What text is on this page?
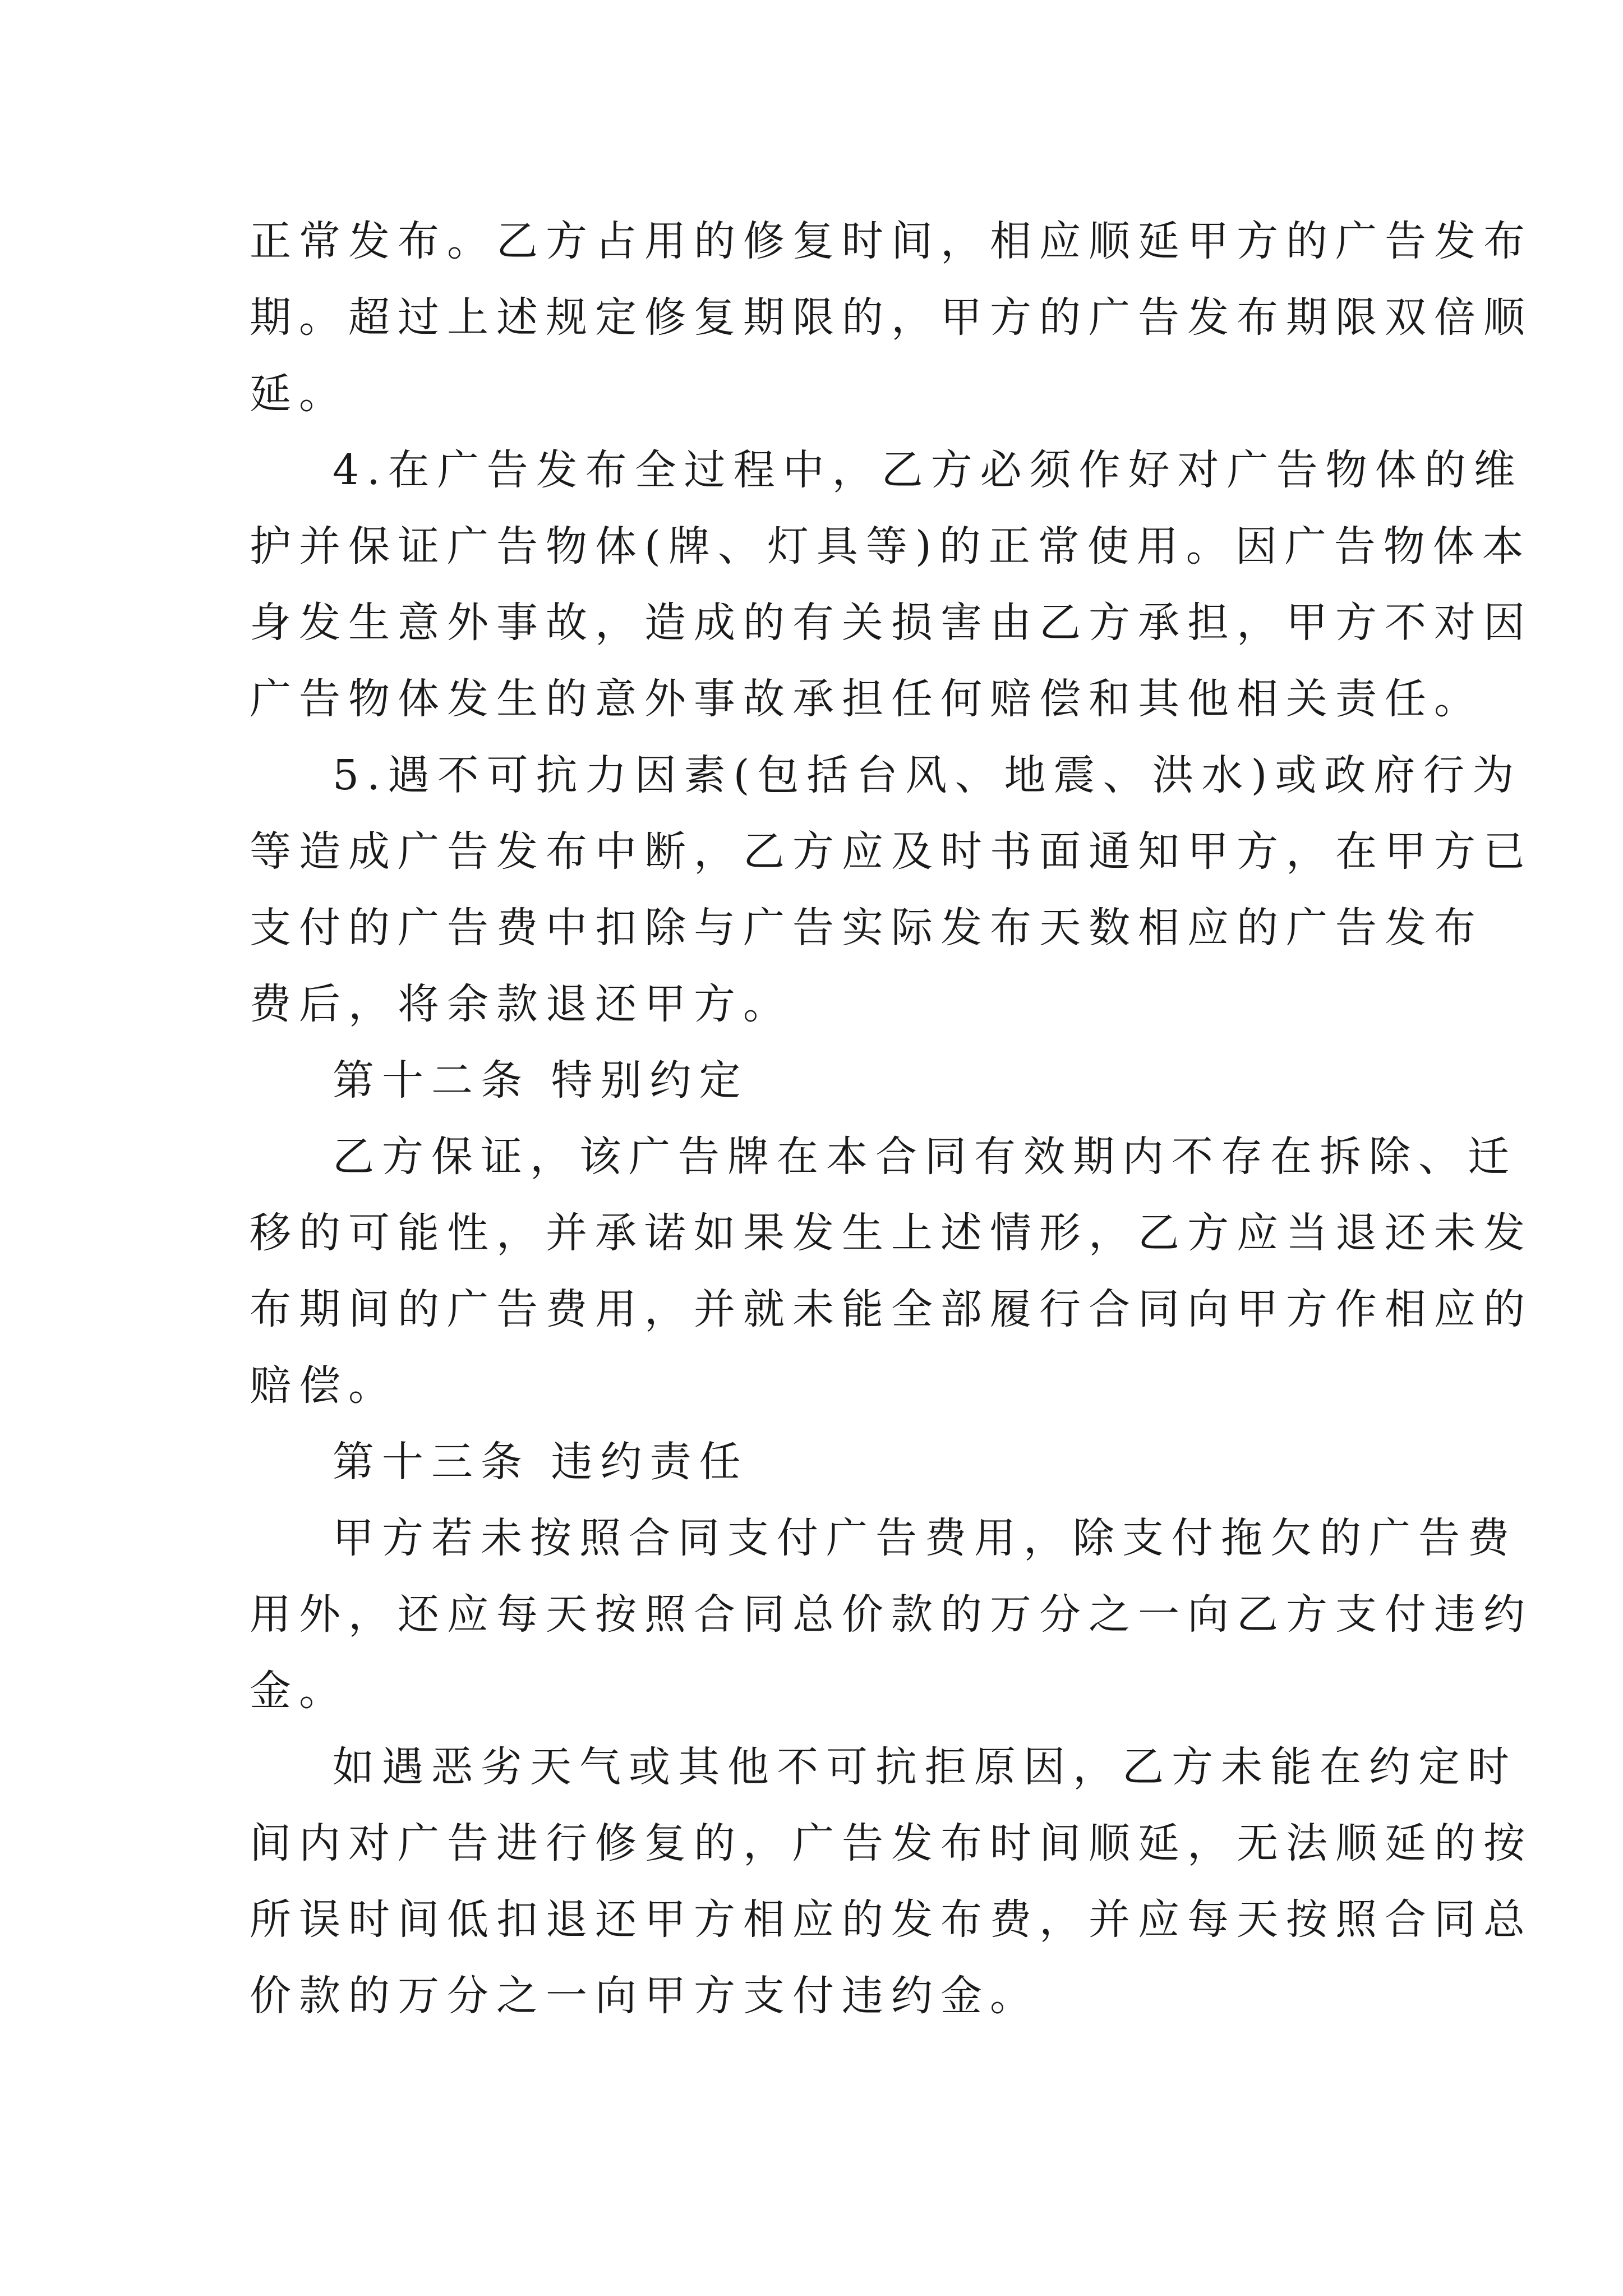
正常发布。乙方占用的修复时间，相应顺延甲方的广告发布
期。超过上述规定修复期限的，甲方的广告发布期限双倍顺
延。

4.在广告发布全过程中，乙方必须作好对广告物体的维
护并保证广告物体(牌、灯具等)的正常使用。因广告物体本
身发生意外事故，造成的有关损害由乙方承担，甲方不对因
广告物体发生的意外事故承担任何赔偿和其他相关责任。

5.遇不可抗力因素(包括台风、地震、洪水)或政府行为
等造成广告发布中断，乙方应及时书面通知甲方，在甲方已
支付的广告费中扣除与广告实际发布天数相应的广告发布
费后，将余款退还甲方。

第十二条 特别约定

乙方保证，该广告牌在本合同有效期内不存在拆除、迁
移的可能性，并承诺如果发生上述情形，乙方应当退还未发
布期间的广告费用，并就未能全部履行合同向甲方作相应的
赔偿。

第十三条 违约责任

甲方若未按照合同支付广告费用，除支付拖欠的广告费
用外，还应每天按照合同总价款的万分之一向乙方支付违约
金。

如遇恶劣天气或其他不可抗拒原因，乙方未能在约定时
间内对广告进行修复的，广告发布时间顺延，无法顺延的按
所误时间低扣退还甲方相应的发布费，并应每天按照合同总
价款的万分之一向甲方支付违约金。
